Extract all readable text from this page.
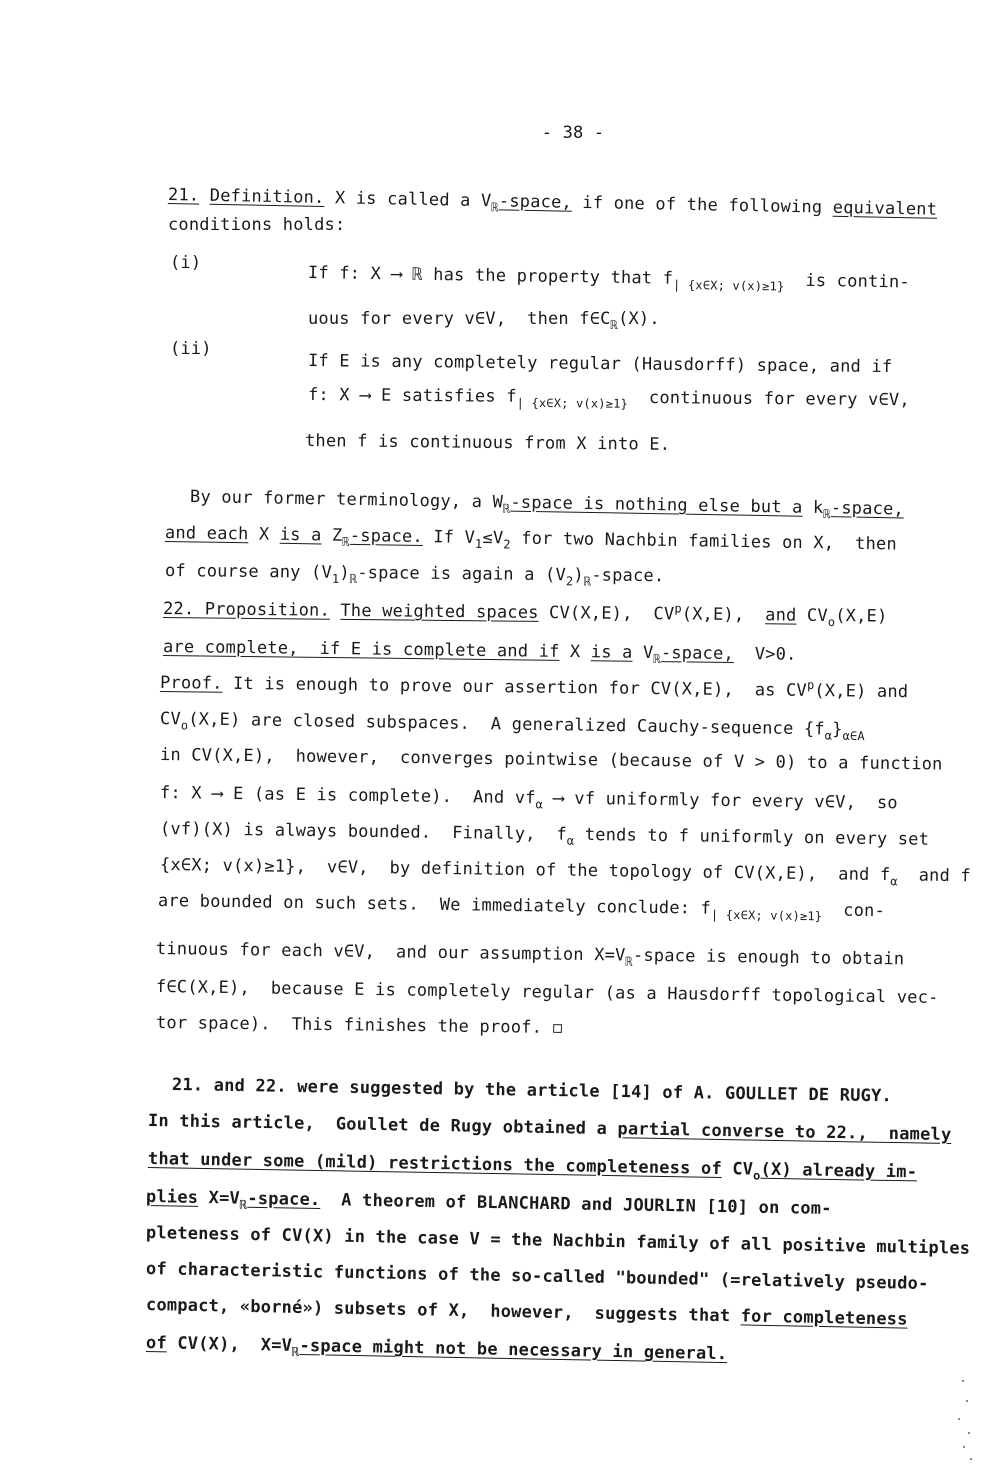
- 38 -

21. Definition. X is called a $V_ℝ$-space, if one of the following equivalent
conditions holds:
(i)
If f: X ⟶ ℝ has the property that $f_{| \{x\in X; v(x)\ge 1\}}$ is contin-
uous for every v∈V,  then $f\in C_ℝ(X)$.
(ii)
If E is any completely regular (Hausdorff) space, and if
f: X ⟶ E satisfies $f_{| \{x\in X; v(x)\ge 1\}}$ continuous for every v∈V,
then f is continuous from X into E.
By our former terminology, a $W_ℝ$-space is nothing else but a $k_ℝ$-space,
and each X is a $Z_ℝ$-space. If $V_1\le V_2$ for two Nachbin families on X,  then
of course any $(V_1)_ℝ$-space is again a $(V_2)_ℝ$-space.
22. Proposition. The weighted spaces CV(X,E),  $CV^p(X,E)$,  and $CV_o(X,E)$
are complete,  if E is complete and if X is a $V_ℝ$-space,  V>0.
Proof. It is enough to prove our assertion for CV(X,E),  as $CV^p(X,E)$ and
$CV_o(X,E)$ are closed subspaces.  A generalized Cauchy-sequence $\{f_\alpha\}_{\alpha\in A}$
in CV(X,E),  however,  converges pointwise (because of V > 0) to a function
f: X ⟶ E (as E is complete).  And $vf_\alpha$ ⟶ vf uniformly for every v∈V,  so
(vf)(X) is always bounded.  Finally,  $f_\alpha$ tends to f uniformly on every set
{x∈X; v(x)≥1},  v∈V,  by definition of the topology of CV(X,E),  and $f_\alpha$  and f
are bounded on such sets.  We immediately conclude: $f_{| \{x\in X; v(x)\ge 1\}}$ con-
tinuous for each v∈V,  and our assumption $X=V_ℝ$-space is enough to obtain
f∈C(X,E),  because E is completely regular (as a Hausdorff topological vec-
tor space).  This finishes the proof. ◻
21. and 22. were suggested by the article [14] of A. GOULLET DE RUGY.
In this article,  Goullet de Rugy obtained a partial converse to 22.,  namely
that under some (mild) restrictions the completeness of $CV_o(X)$ already im-
plies $X=V_ℝ$-space.  A theorem of BLANCHARD and JOURLIN [10] on com-
pleteness of CV(X) in the case V = the Nachbin family of all positive multiples
of characteristic functions of the so-called "bounded" (=relatively pseudo-
compact, «borné») subsets of X,  however,  suggests that for completeness
of CV(X),  $X=V_ℝ$-space might not be necessary in general.
